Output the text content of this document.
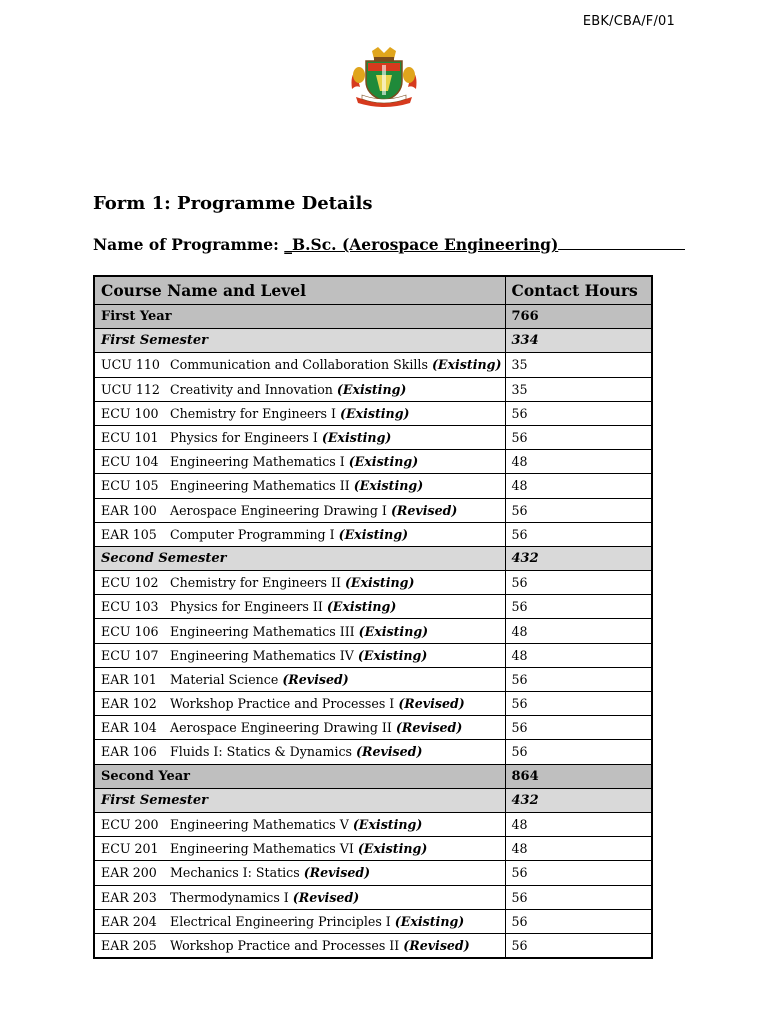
EBK/CBA/F/01
Form 1: Programme Details
Name of Programme: _B.Sc. (Aerospace Engineering)
Course Name and Level	Contact Hours
First Year	766
First Semester	334
UCU 110 Communication and Collaboration Skills (Existing)	35
UCU 112 Creativity and Innovation (Existing)	35
ECU 100 Chemistry for Engineers I (Existing)	56
ECU 101 Physics for Engineers I (Existing)	56
ECU 104 Engineering Mathematics I (Existing)	48
ECU 105 Engineering Mathematics II (Existing)	48
EAR 100 Aerospace Engineering Drawing I (Revised)	56
EAR 105 Computer Programming I (Existing)	56
Second Semester	432
ECU 102 Chemistry for Engineers II (Existing)	56
ECU 103 Physics for Engineers II (Existing)	56
ECU 106 Engineering Mathematics III (Existing)	48
ECU 107 Engineering Mathematics IV (Existing)	48
EAR 101 Material Science (Revised)	56
EAR 102 Workshop Practice and Processes I (Revised)	56
EAR 104 Aerospace Engineering Drawing II (Revised)	56
EAR 106 Fluids I: Statics & Dynamics (Revised)	56
Second Year	864
First Semester	432
ECU 200 Engineering Mathematics V (Existing)	48
ECU 201 Engineering Mathematics VI (Existing)	48
EAR 200 Mechanics I: Statics (Revised)	56
EAR 203 Thermodynamics I (Revised)	56
EAR 204 Electrical Engineering Principles I (Existing)	56
EAR 205 Workshop Practice and Processes II (Revised)	56
